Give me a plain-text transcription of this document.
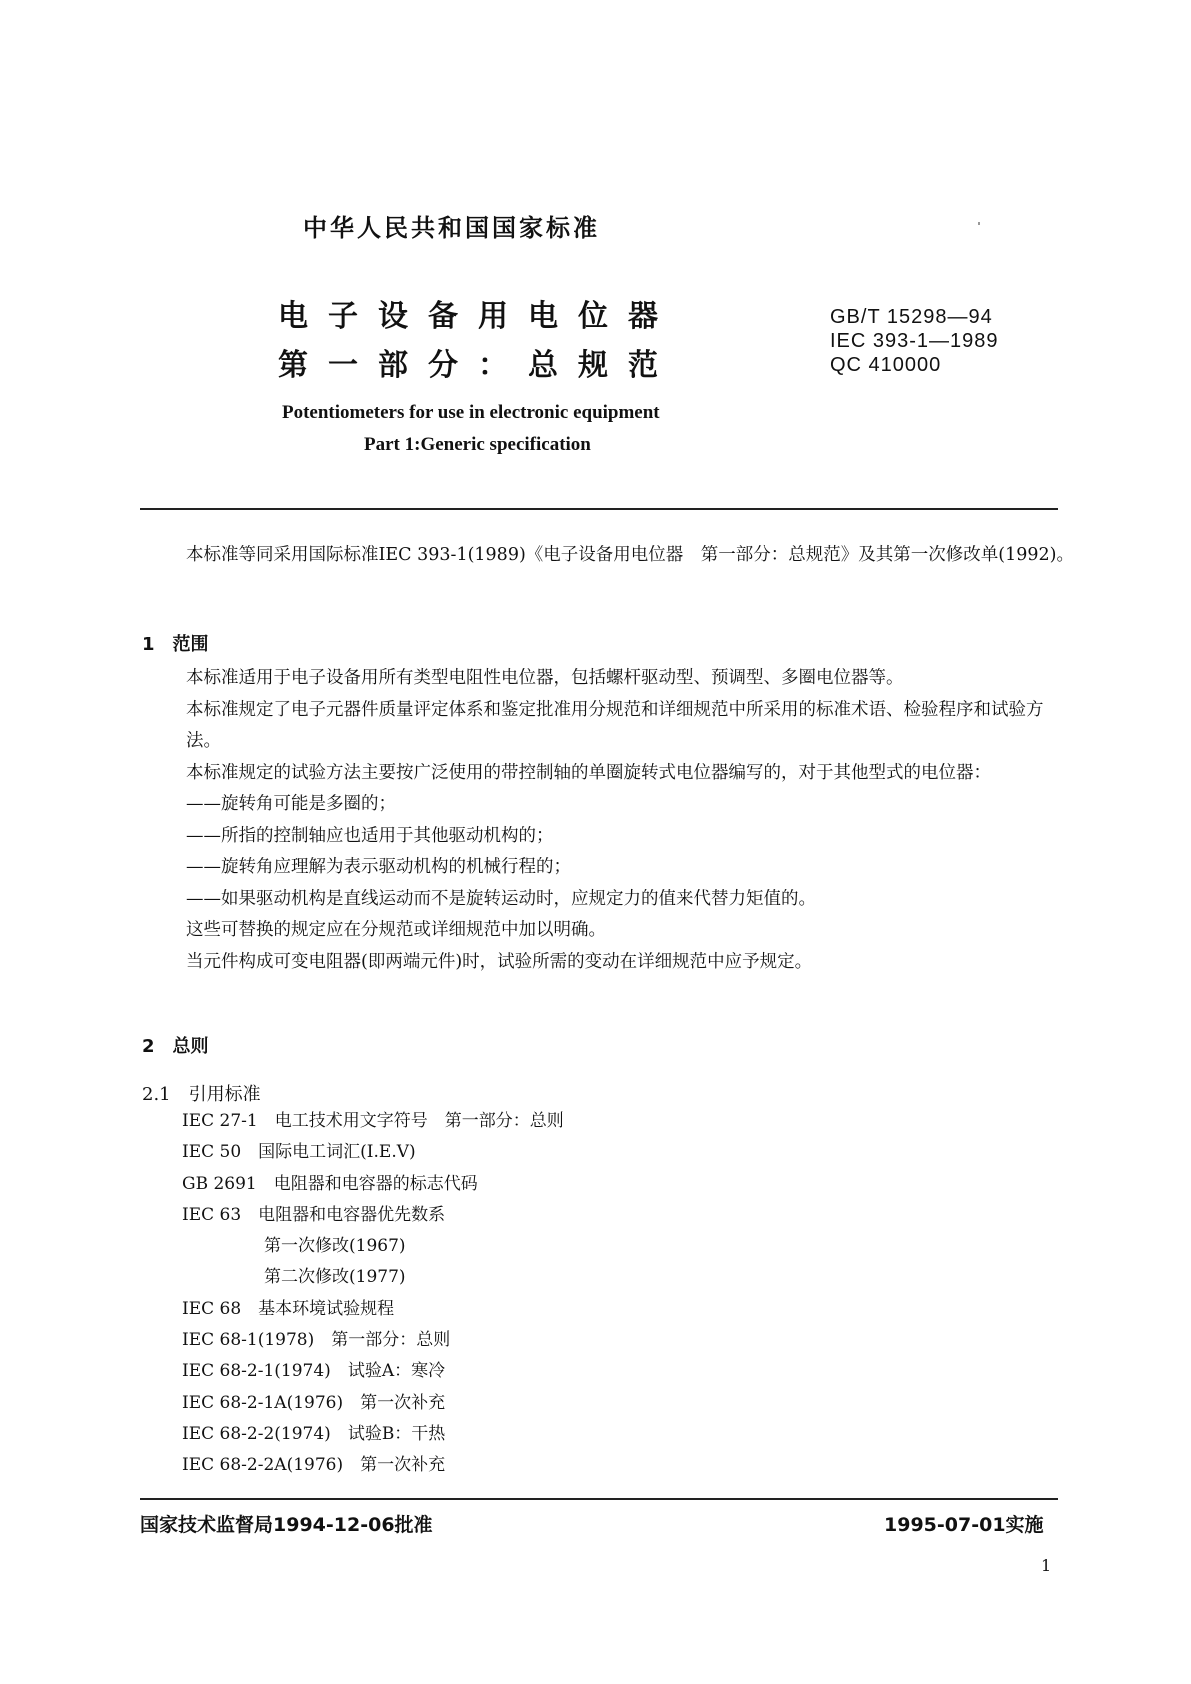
中华人民共和国国家标准
电子设备用电位器
第一部分：总规范
GB/T 15298—94
IEC 393-1—1989
QC 410000
Potentiometers for use in electronic equipment
Part 1:Generic specification
本标准等同采用国际标准IEC 393-1(1989)《电子设备用电位器　第一部分：总规范》及其第一次修改单(1992)。
1　范围
本标准适用于电子设备用所有类型电阻性电位器，包括螺杆驱动型、预调型、多圈电位器等。
本标准规定了电子元器件质量评定体系和鉴定批准用分规范和详细规范中所采用的标准术语、检验程序和试验方法。
本标准规定的试验方法主要按广泛使用的带控制轴的单圈旋转式电位器编写的，对于其他型式的电位器：
——旋转角可能是多圈的；
——所指的控制轴应也适用于其他驱动机构的；
——旋转角应理解为表示驱动机构的机械行程的；
——如果驱动机构是直线运动而不是旋转运动时，应规定力的值来代替力矩值的。
这些可替换的规定应在分规范或详细规范中加以明确。
当元件构成可变电阻器(即两端元件)时，试验所需的变动在详细规范中应予规定。
2　总则
2.1　引用标准
IEC 27-1　电工技术用文字符号　第一部分：总则
IEC 50　国际电工词汇(I.E.V)
GB 2691　电阻器和电容器的标志代码
IEC 63　电阻器和电容器优先数系
第一次修改(1967)
第二次修改(1977)
IEC 68　基本环境试验规程
IEC 68-1(1978)　第一部分：总则
IEC 68-2-1(1974)　试验A：寒冷
IEC 68-2-1A(1976)　第一次补充
IEC 68-2-2(1974)　试验B：干热
IEC 68-2-2A(1976)　第一次补充
国家技术监督局1994-12-06批准	1995-07-01实施
1
